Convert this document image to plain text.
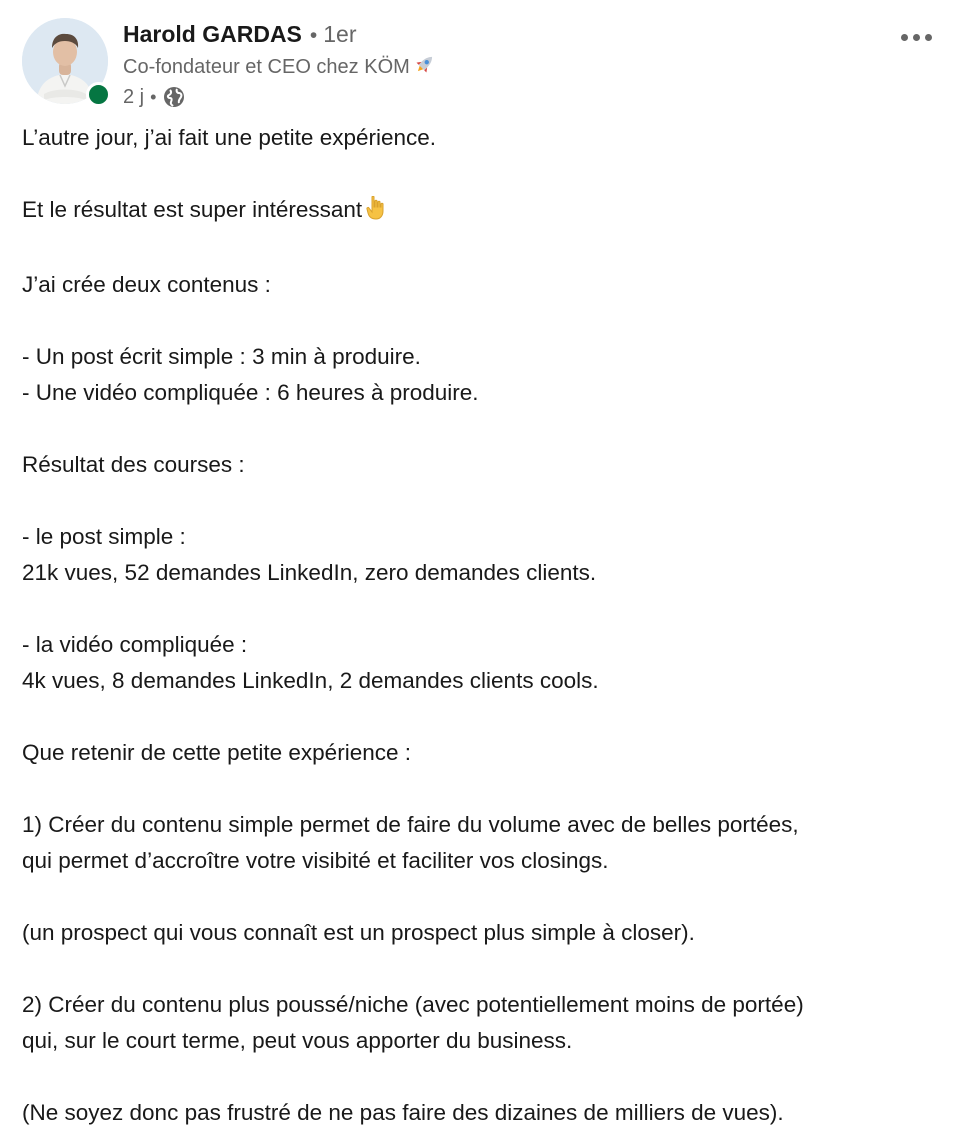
Harold GARDAS • 1er
Co-fondateur et CEO chez KÖM
2 j •

L’autre jour, j’ai fait une petite expérience.

Et le résultat est super intéressant

J’ai crée deux contenus :

- Un post écrit simple : 3 min à produire.

- Une vidéo compliquée : 6 heures à produire.

Résultat des courses :

- le post simple :

21k vues, 52 demandes LinkedIn, zero demandes clients.

- la vidéo compliquée :

4k vues, 8 demandes LinkedIn, 2 demandes clients cools.

Que retenir de cette petite expérience :

1) Créer du contenu simple permet de faire du volume avec de belles portées,

qui permet d’accroître votre visibité et faciliter vos closings.

(un prospect qui vous connaît est un prospect plus simple à closer).

2) Créer du contenu plus poussé/niche (avec potentiellement moins de portée)

qui, sur le court terme, peut vous apporter du business.

(Ne soyez donc pas frustré de ne pas faire des dizaines de milliers de vues).
